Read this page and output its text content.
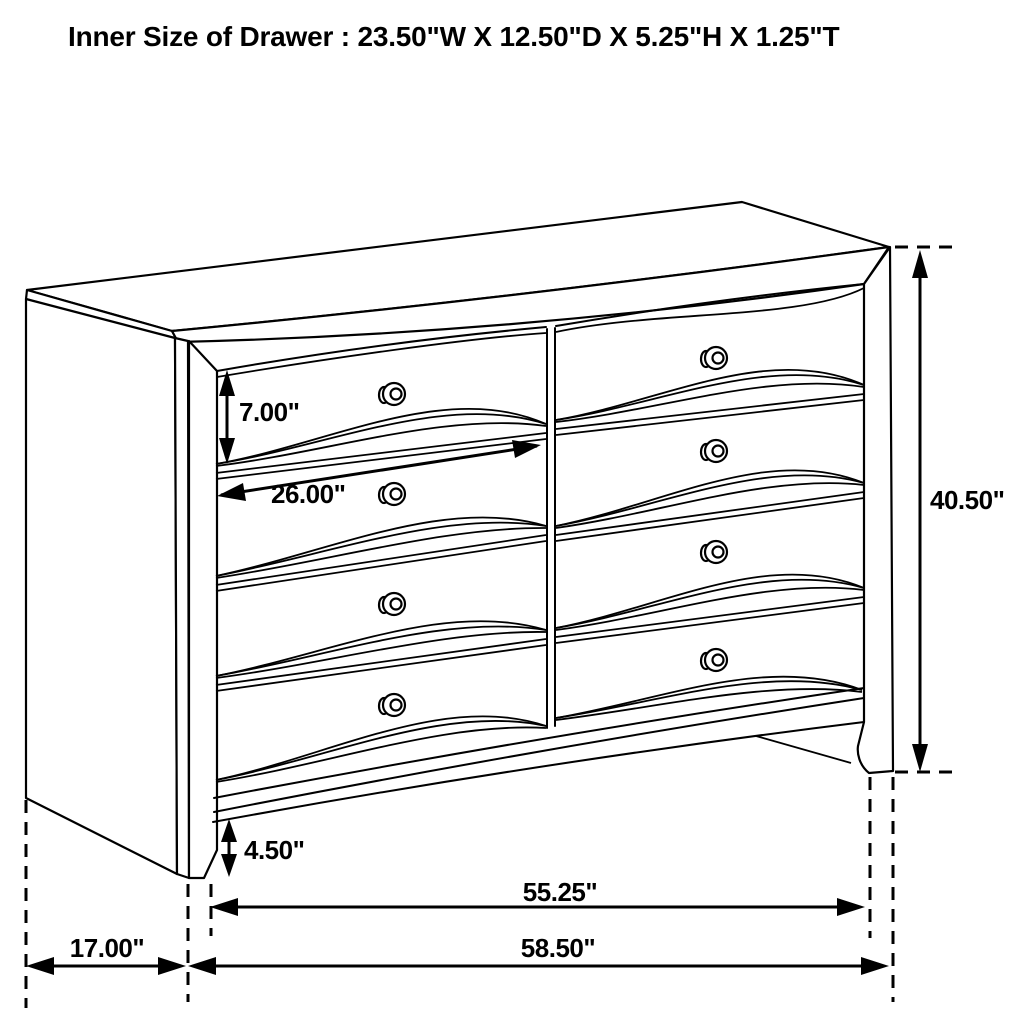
Inner Size of Drawer : 23.50"W X 12.50"D X 5.25"H X 1.25"T
7.00"
26.00"	40.50"
4.50"
55.25"
17.00"	58.50"
